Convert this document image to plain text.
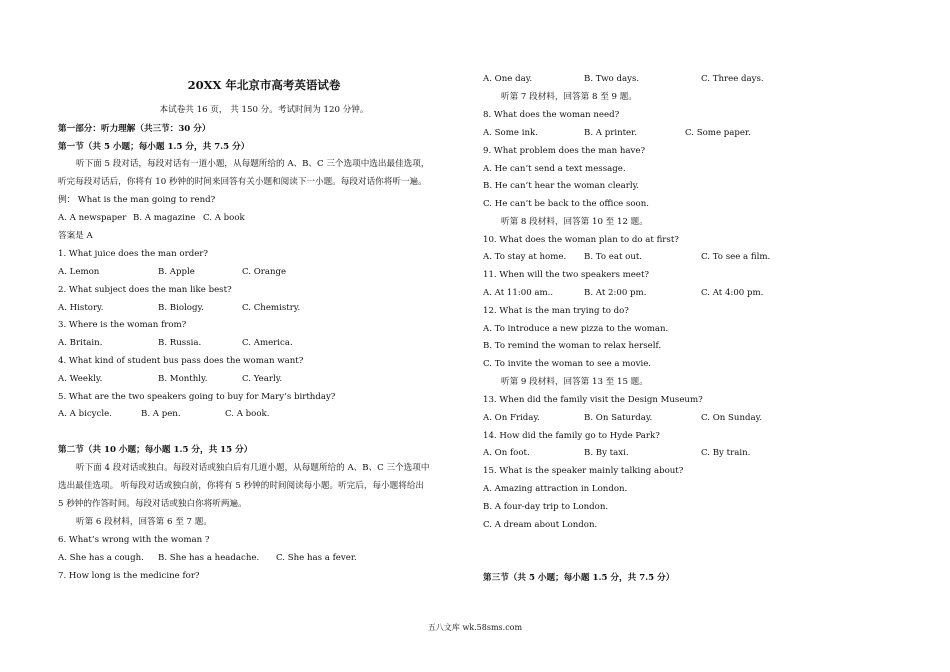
20XX 年北京市高考英语试卷
本试卷共 16 页， 共 150 分。考试时间为 120 分钟。
第一部分：听力理解（共三节：30 分）
第一节（共 5 小题；每小题 1.5 分，共 7.5 分）
听下面 5 段对话，每段对话有一道小题，从每题所给的 A、B、C 三个选项中选出最佳选项，
听完每段对话后，你将有 10 秒钟的时间来回答有关小题和阅读下一小题。每段对话你将听一遍。
例： What is the man going to rend?
A. A newspaper B. A magazine C. A book
答案是 A
1. What juice does the man order?
A. Lemon	B. Apple	C. Orange
2. What subject does the man like best?
A. History.	B. Biology.	C. Chemistry.
3. Where is the woman from?
A. Britain.	B. Russia.	C. America.
4. What kind of student bus pass does the woman want?
A. Weekly.	B. Monthly.	C. Yearly.
5. What are the two speakers going to buy for Mary’s birthday?
A. A bicycle.	B. A pen.	C. A book.
第二节（共 10 小题；每小题 1.5 分，共 15 分）
听下面 4 段对话或独白。每段对话或独白后有几道小题，从每题所给的 A、B、C 三个选项中
选出最佳选项。 听每段对话或独白前，你将有 5 秒钟的时间阅读每小题。听完后，每小题将给出
5 秒钟的作答时间。每段对话或独白你将听两遍。
听第 6 段材料，回答第 6 至 7 题。
6. What’s wrong with the woman ?
A. She has a cough. B. She has a headache. C. She has a fever.
7. How long is the medicine for?
A. One day.	B. Two days.	C. Three days.
听第 7 段材料，回答第 8 至 9 题。
8. What does the woman need?
A. Some ink.	B. A printer.	C. Some paper.
9. What problem does the man have?
A. He can’t send a text message.
B. He can’t hear the woman clearly.
C. He can’t be back to the office soon.
听第 8 段材料，回答第 10 至 12 题。
10. What does the woman plan to do at first?
A. To stay at home. B. To eat out.	C. To see a film.
11. When will the two speakers meet?
A. At 11:00 am..	B. At 2:00 pm.	C. At 4:00 pm.
12. What is the man trying to do?
A. To introduce a new pizza to the woman.
B. To remind the woman to relax herself.
C. To invite the woman to see a movie.
听第 9 段材料，回答第 13 至 15 题。
13. When did the family visit the Design Museum?
A. On Friday.	B. On Saturday.	C. On Sunday.
14. How did the family go to Hyde Park?
A. On foot.	B. By taxi.	C. By train.
15. What is the speaker mainly talking about?
A. Amazing attraction in London.
B. A four-day trip to London.
C. A dream about London.
第三节（共 5 小题；每小题 1.5 分，共 7.5 分）
五八文库 wk.58sms.com
